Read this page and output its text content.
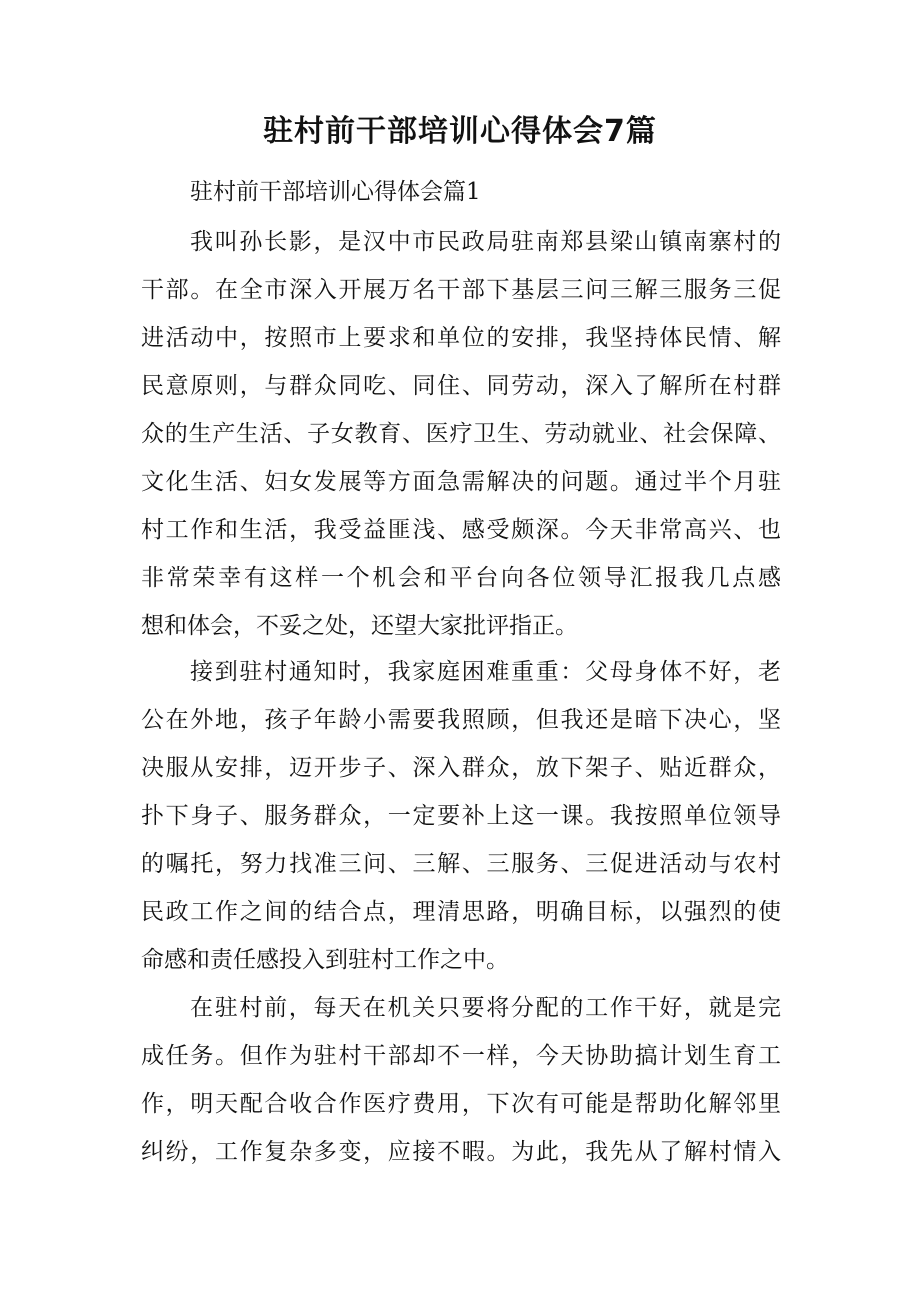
驻村前干部培训心得体会7篇

驻村前干部培训心得体会篇1

我叫孙长影，是汉中市民政局驻南郑县梁山镇南寨村的

干部。在全市深入开展万名干部下基层三问三解三服务三促

进活动中，按照市上要求和单位的安排，我坚持体民情、解

民意原则，与群众同吃、同住、同劳动，深入了解所在村群

众的生产生活、子女教育、医疗卫生、劳动就业、社会保障、

文化生活、妇女发展等方面急需解决的问题。通过半个月驻

村工作和生活，我受益匪浅、感受颇深。今天非常高兴、也

非常荣幸有这样一个机会和平台向各位领导汇报我几点感

想和体会，不妥之处，还望大家批评指正。

接到驻村通知时，我家庭困难重重：父母身体不好，老

公在外地，孩子年龄小需要我照顾，但我还是暗下决心，坚

决服从安排，迈开步子、深入群众，放下架子、贴近群众，

扑下身子、服务群众，一定要补上这一课。我按照单位领导

的嘱托，努力找准三问、三解、三服务、三促进活动与农村

民政工作之间的结合点，理清思路，明确目标，以强烈的使

命感和责任感投入到驻村工作之中。

在驻村前，每天在机关只要将分配的工作干好，就是完

成任务。但作为驻村干部却不一样，今天协助搞计划生育工

作，明天配合收合作医疗费用，下次有可能是帮助化解邻里

纠纷，工作复杂多变，应接不暇。为此，我先从了解村情入
